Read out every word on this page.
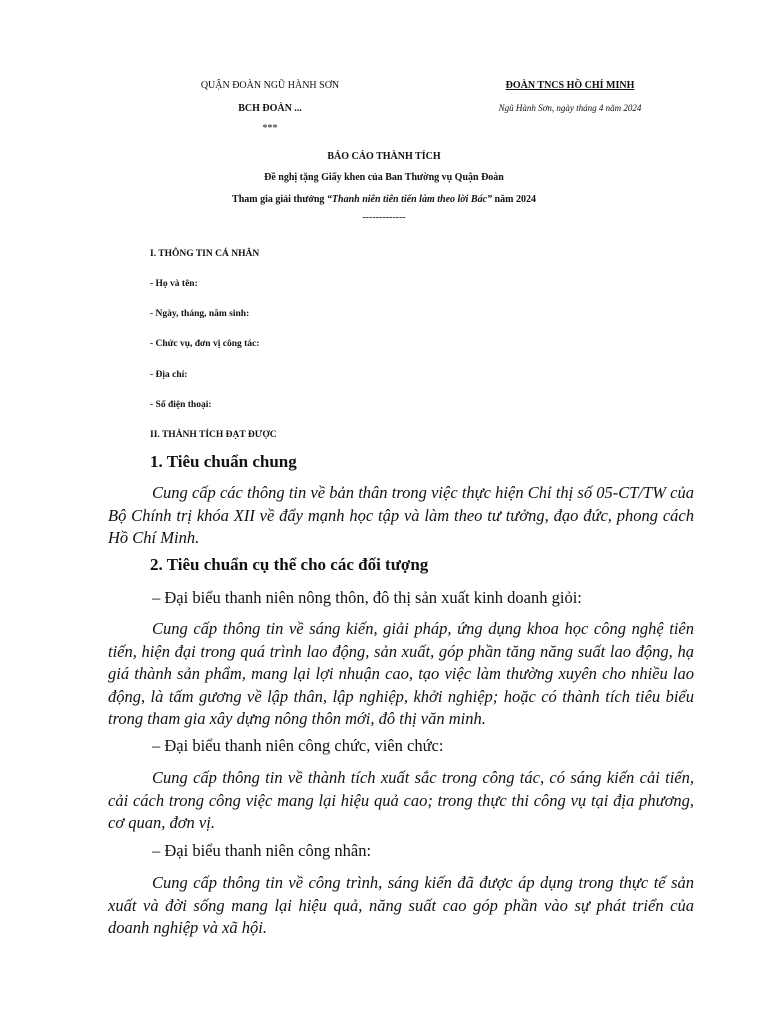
QUẬN ĐOÀN NGŨ HÀNH SƠN
BCH ĐOÀN ...
***
ĐOÀN TNCS HỒ CHÍ MINH
Ngũ Hành Sơn, ngày tháng 4 năm 2024
BÁO CÁO THÀNH TÍCH
Đề nghị tặng Giấy khen của Ban Thường vụ Quận Đoàn
Tham gia giải thưởng “Thanh niên tiên tiến làm theo lời Bác” năm 2024
-------------
I. THÔNG TIN CÁ NHÂN
- Họ và tên:
- Ngày, tháng, năm sinh:
- Chức vụ, đơn vị công tác:
- Địa chỉ:
- Số điện thoại:
II. THÀNH TÍCH ĐẠT ĐƯỢC
1. Tiêu chuẩn chung
Cung cấp các thông tin về bản thân trong việc thực hiện Chỉ thị số 05-CT/TW của Bộ Chính trị khóa XII về đẩy mạnh học tập và làm theo tư tưởng, đạo đức, phong cách Hồ Chí Minh.
2. Tiêu chuẩn cụ thể cho các đối tượng
– Đại biểu thanh niên nông thôn, đô thị sản xuất kinh doanh giỏi:
Cung cấp thông tin về sáng kiến, giải pháp, ứng dụng khoa học công nghệ tiên tiến, hiện đại trong quá trình lao động, sản xuất, góp phần tăng năng suất lao động, hạ giá thành sản phẩm, mang lại lợi nhuận cao, tạo việc làm thường xuyên cho nhiều lao động, là tấm gương về lập thân, lập nghiệp, khởi nghiệp; hoặc có thành tích tiêu biểu trong tham gia xây dựng nông thôn mới, đô thị văn minh.
– Đại biểu thanh niên công chức, viên chức:
Cung cấp thông tin về thành tích xuất sắc trong công tác, có sáng kiến cải tiến, cải cách trong công việc mang lại hiệu quả cao; trong thực thi công vụ tại địa phương, cơ quan, đơn vị.
– Đại biểu thanh niên công nhân:
Cung cấp thông tin về công trình, sáng kiến đã được áp dụng trong thực tế sản xuất và đời sống mang lại hiệu quả, năng suất cao góp phần vào sự phát triển của doanh nghiệp và xã hội.
